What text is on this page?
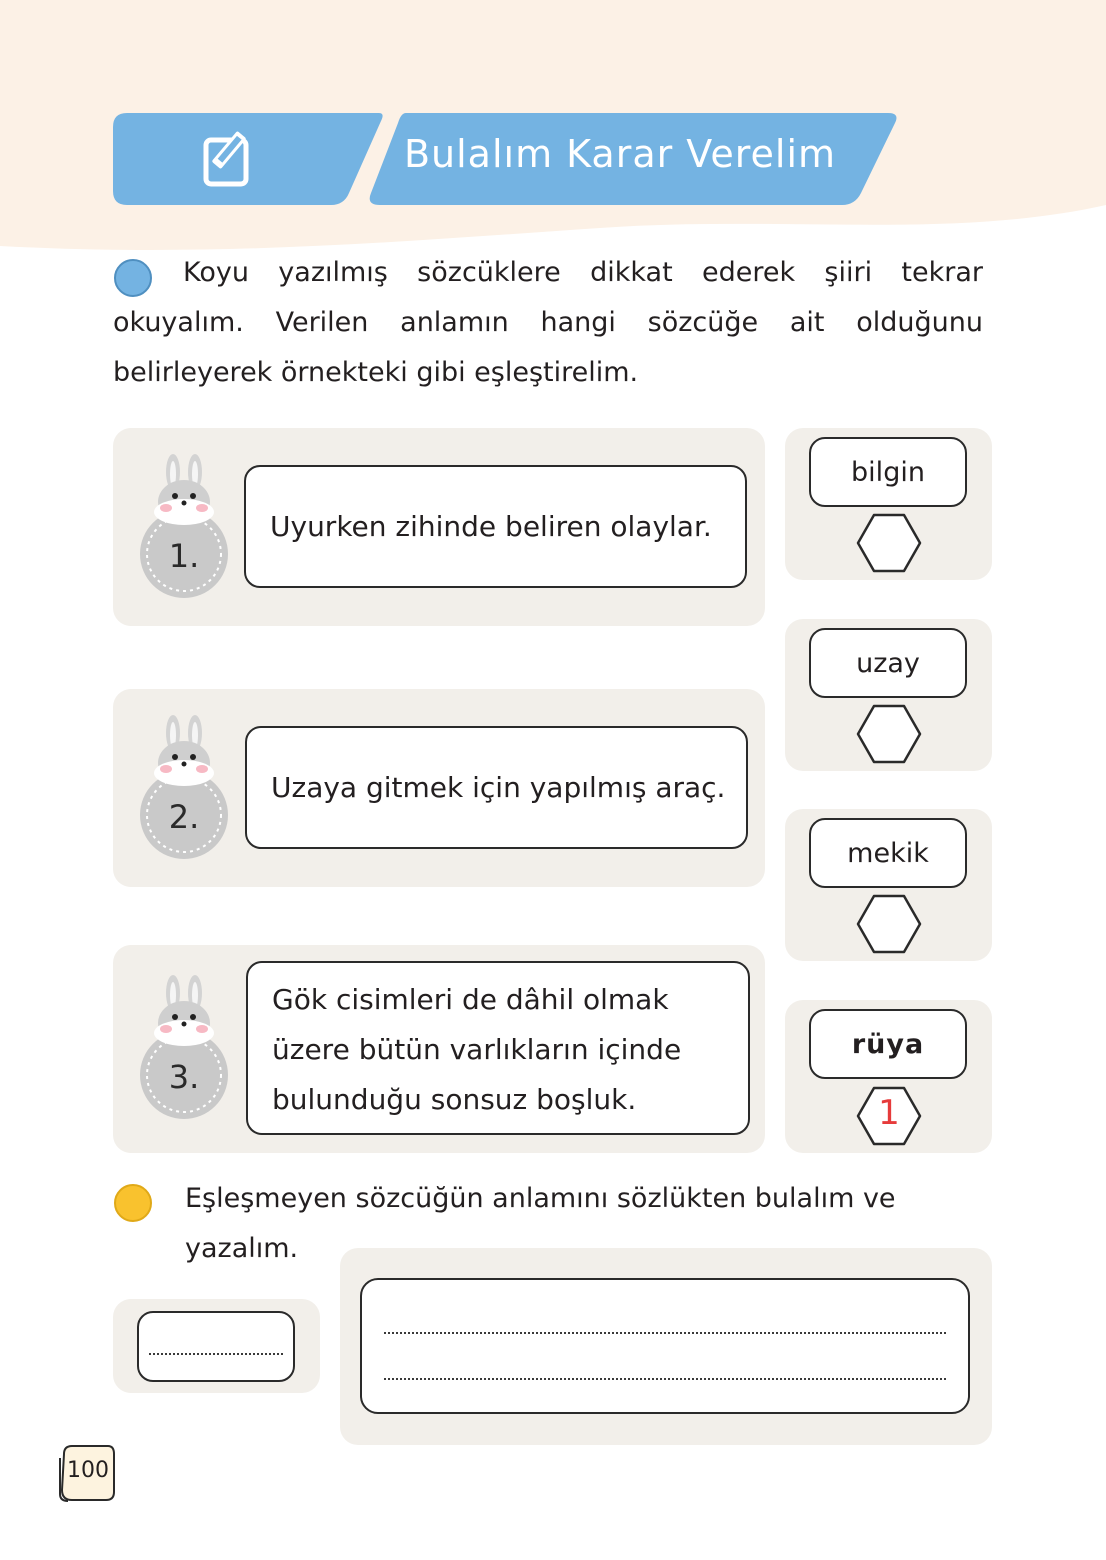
Bulalım Karar Verelim
Koyu yazılmış sözcüklere dikkat ederek şiiri tekrar okuyalım. Verilen anlamın hangi sözcüğe ait olduğunu belirleyerek örnekteki gibi eşleştirelim.
1.
2.
3.
Uyurken zihinde beliren olaylar.
Uzaya gitmek için yapılmış araç.
Gök cisimleri de dâhil olmak
üzere bütün varlıkların içinde
bulunduğu sonsuz boşluk.
bilgin
uzay
mekik
rüya
1
Eşleşmeyen sözcüğün anlamını sözlükten bulalım ve yazalım.
100
